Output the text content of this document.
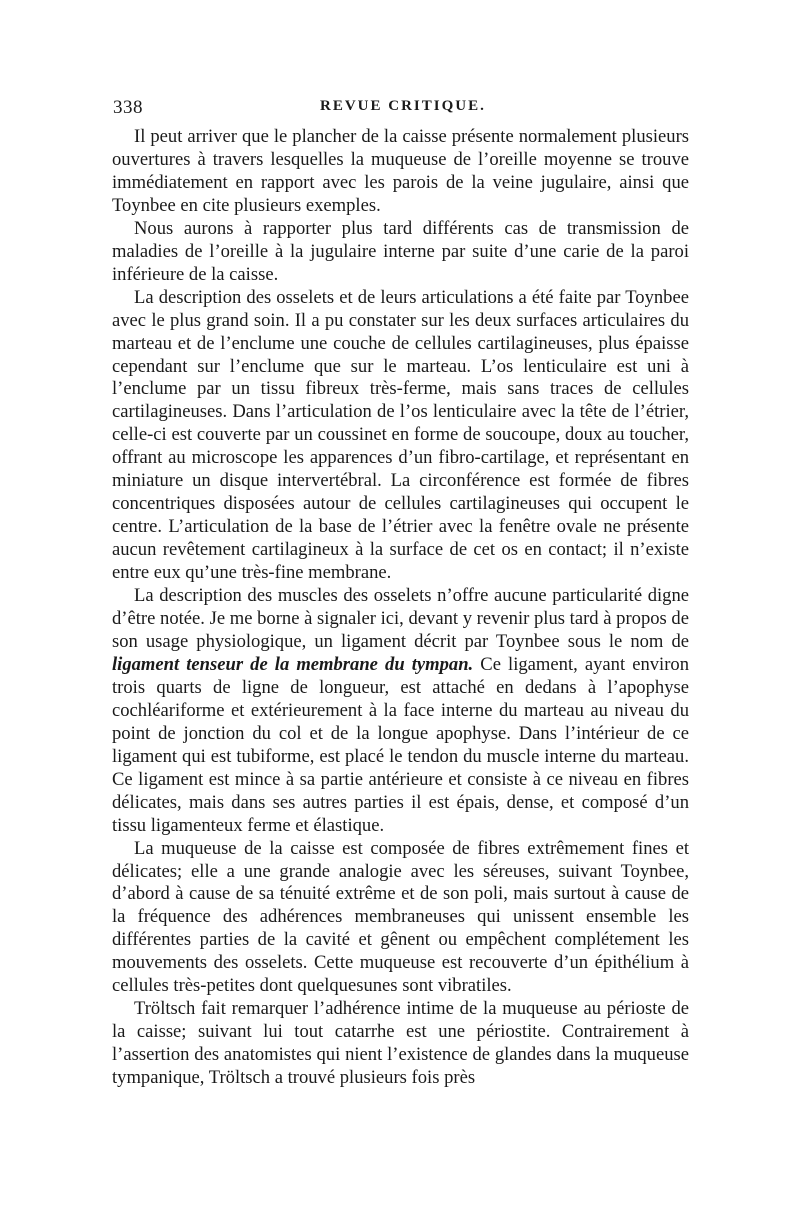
338	REVUE CRITIQUE.

Il peut arriver que le plancher de la caisse présente normalement plusieurs ouvertures à travers lesquelles la muqueuse de l’oreille moyenne se trouve immédiatement en rapport avec les parois de la veine jugulaire, ainsi que Toynbee en cite plusieurs exemples.

Nous aurons à rapporter plus tard différents cas de transmission de maladies de l’oreille à la jugulaire interne par suite d’une carie de la paroi inférieure de la caisse.

La description des osselets et de leurs articulations a été faite par Toynbee avec le plus grand soin. Il a pu constater sur les deux surfaces articulaires du marteau et de l’enclume une couche de cellules cartilagineuses, plus épaisse cependant sur l’enclume que sur le marteau. L’os lenticulaire est uni à l’enclume par un tissu fibreux très-ferme, mais sans traces de cellules cartilagineuses. Dans l’articulation de l’os lenticulaire avec la tête de l’étrier, celle-ci est couverte par un coussinet en forme de soucoupe, doux au toucher, offrant au microscope les apparences d’un fibro-cartilage, et représentant en miniature un disque intervertébral. La circonférence est formée de fibres concentriques disposées autour de cellules cartilagineuses qui occupent le centre. L’articulation de la base de l’étrier avec la fenêtre ovale ne présente aucun revêtement cartilagineux à la surface de cet os en contact; il n’existe entre eux qu’une très-fine membrane.

La description des muscles des osselets n’offre aucune particularité digne d’être notée. Je me borne à signaler ici, devant y revenir plus tard à propos de son usage physiologique, un ligament décrit par Toynbee sous le nom de ligament tenseur de la membrane du tympan. Ce ligament, ayant environ trois quarts de ligne de longueur, est attaché en dedans à l’apophyse cochléariforme et extérieurement à la face interne du marteau au niveau du point de jonction du col et de la longue apophyse. Dans l’intérieur de ce ligament qui est tubiforme, est placé le tendon du muscle interne du marteau. Ce ligament est mince à sa partie antérieure et consiste à ce niveau en fibres délicates, mais dans ses autres parties il est épais, dense, et composé d’un tissu ligamenteux ferme et élastique.

La muqueuse de la caisse est composée de fibres extrêmement fines et délicates; elle a une grande analogie avec les séreuses, suivant Toynbee, d’abord à cause de sa ténuité extrême et de son poli, mais surtout à cause de la fréquence des adhérences membraneuses qui unissent ensemble les différentes parties de la cavité et gênent ou empêchent complétement les mouvements des osselets. Cette muqueuse est recouverte d’un épithélium à cellules très-petites dont quelquesunes sont vibratiles.

Tröltsch fait remarquer l’adhérence intime de la muqueuse au périoste de la caisse; suivant lui tout catarrhe est une périostite. Contrairement à l’assertion des anatomistes qui nient l’existence de glandes dans la muqueuse tympanique, Tröltsch a trouvé plusieurs fois près
